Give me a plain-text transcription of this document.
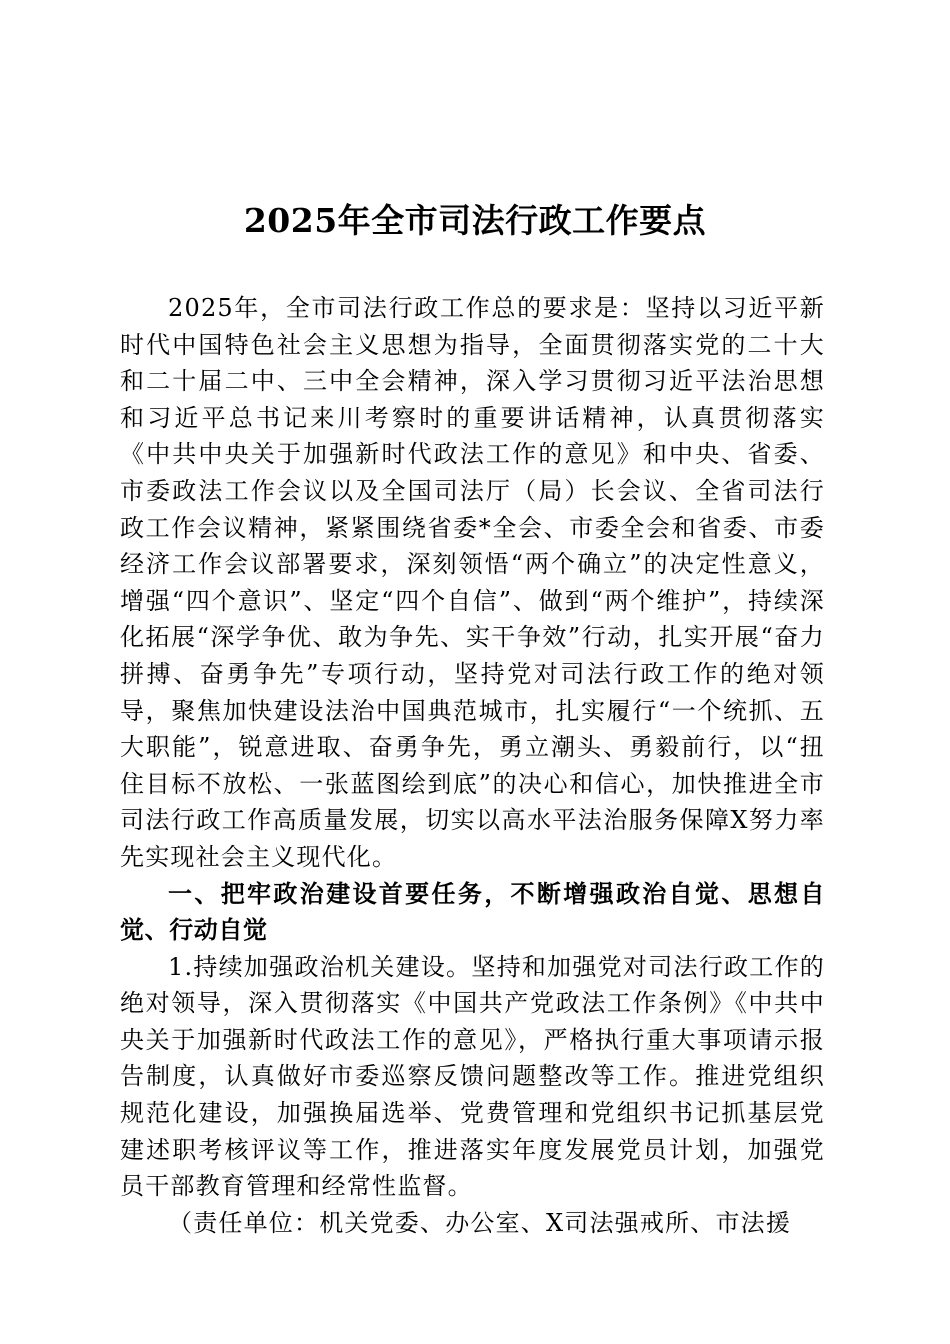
2025年全市司法行政工作要点

2025年，全市司法行政工作总的要求是：坚持以习近平新时代中国特色社会主义思想为指导，全面贯彻落实党的二十大和二十届二中、三中全会精神，深入学习贯彻习近平法治思想和习近平总书记来川考察时的重要讲话精神，认真贯彻落实《中共中央关于加强新时代政法工作的意见》和中央、省委、市委政法工作会议以及全国司法厅（局）长会议、全省司法行政工作会议精神，紧紧围绕省委*全会、市委全会和省委、市委经济工作会议部署要求，深刻领悟“两个确立”的决定性意义，增强“四个意识”、坚定“四个自信”、做到“两个维护”，持续深化拓展“深学争优、敢为争先、实干争效”行动，扎实开展“奋力拼搏、奋勇争先”专项行动，坚持党对司法行政工作的绝对领导，聚焦加快建设法治中国典范城市，扎实履行“一个统抓、五大职能”，锐意进取、奋勇争先，勇立潮头、勇毅前行，以“扭住目标不放松、一张蓝图绘到底”的决心和信心，加快推进全市司法行政工作高质量发展，切实以高水平法治服务保障X努力率先实现社会主义现代化。

一、把牢政治建设首要任务，不断增强政治自觉、思想自觉、行动自觉

1.持续加强政治机关建设。坚持和加强党对司法行政工作的绝对领导，深入贯彻落实《中国共产党政法工作条例》《中共中央关于加强新时代政法工作的意见》，严格执行重大事项请示报告制度，认真做好市委巡察反馈问题整改等工作。推进党组织规范化建设，加强换届选举、党费管理和党组织书记抓基层党建述职考核评议等工作，推进落实年度发展党员计划，加强党员干部教育管理和经常性监督。

（责任单位：机关党委、办公室、X司法强戒所、市法援
